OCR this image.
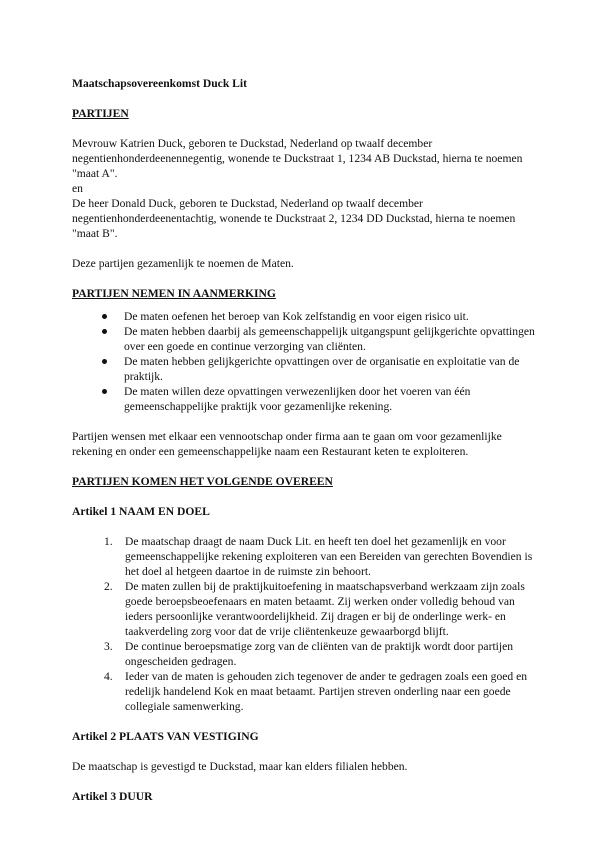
Maatschapsovereenkomst Duck Lit

PARTIJEN

Mevrouw Katrien Duck, geboren te Duckstad, Nederland op twaalf december negentienhonderdeenennegentig, wonende te Duckstraat 1, 1234 AB Duckstad, hierna te noemen "maat A".

en

De heer Donald Duck, geboren te Duckstad, Nederland op twaalf december negentienhonderdeenentachtig, wonende te Duckstraat 2, 1234 DD Duckstad, hierna te noemen "maat B".

Deze partijen gezamenlijk te noemen de Maten.

PARTIJEN NEMEN IN AANMERKING

De maten oefenen het beroep van Kok zelfstandig en voor eigen risico uit.
De maten hebben daarbij als gemeenschappelijk uitgangspunt gelijkgerichte opvattingen over een goede en continue verzorging van cliënten.
De maten hebben gelijkgerichte opvattingen over de organisatie en exploitatie van de praktijk.
De maten willen deze opvattingen verwezenlijken door het voeren van één gemeenschappelijke praktijk voor gezamenlijke rekening.

Partijen wensen met elkaar een vennootschap onder firma aan te gaan om voor gezamenlijke rekening en onder een gemeenschappelijke naam een Restaurant keten te exploiteren.

PARTIJEN KOMEN HET VOLGENDE OVEREEN

Artikel 1 NAAM EN DOEL

1. De maatschap draagt de naam Duck Lit. en heeft ten doel het gezamenlijk en voor gemeenschappelijke rekening exploiteren van een Bereiden van gerechten Bovendien is het doel al hetgeen daartoe in de ruimste zin behoort.
2. De maten zullen bij de praktijkuitoefening in maatschapsverband werkzaam zijn zoals goede beroepsbeoefenaars en maten betaamt. Zij werken onder volledig behoud van ieders persoonlijke verantwoordelijkheid. Zij dragen er bij de onderlinge werk- en taakverdeling zorg voor dat de vrije cliëntenkeuze gewaarborgd blijft.
3. De continue beroepsmatige zorg van de cliënten van de praktijk wordt door partijen ongescheiden gedragen.
4. Ieder van de maten is gehouden zich tegenover de ander te gedragen zoals een goed en redelijk handelend Kok en maat betaamt. Partijen streven onderling naar een goede collegiale samenwerking.

Artikel 2 PLAATS VAN VESTIGING

De maatschap is gevestigd te Duckstad, maar kan elders filialen hebben.

Artikel 3 DUUR
